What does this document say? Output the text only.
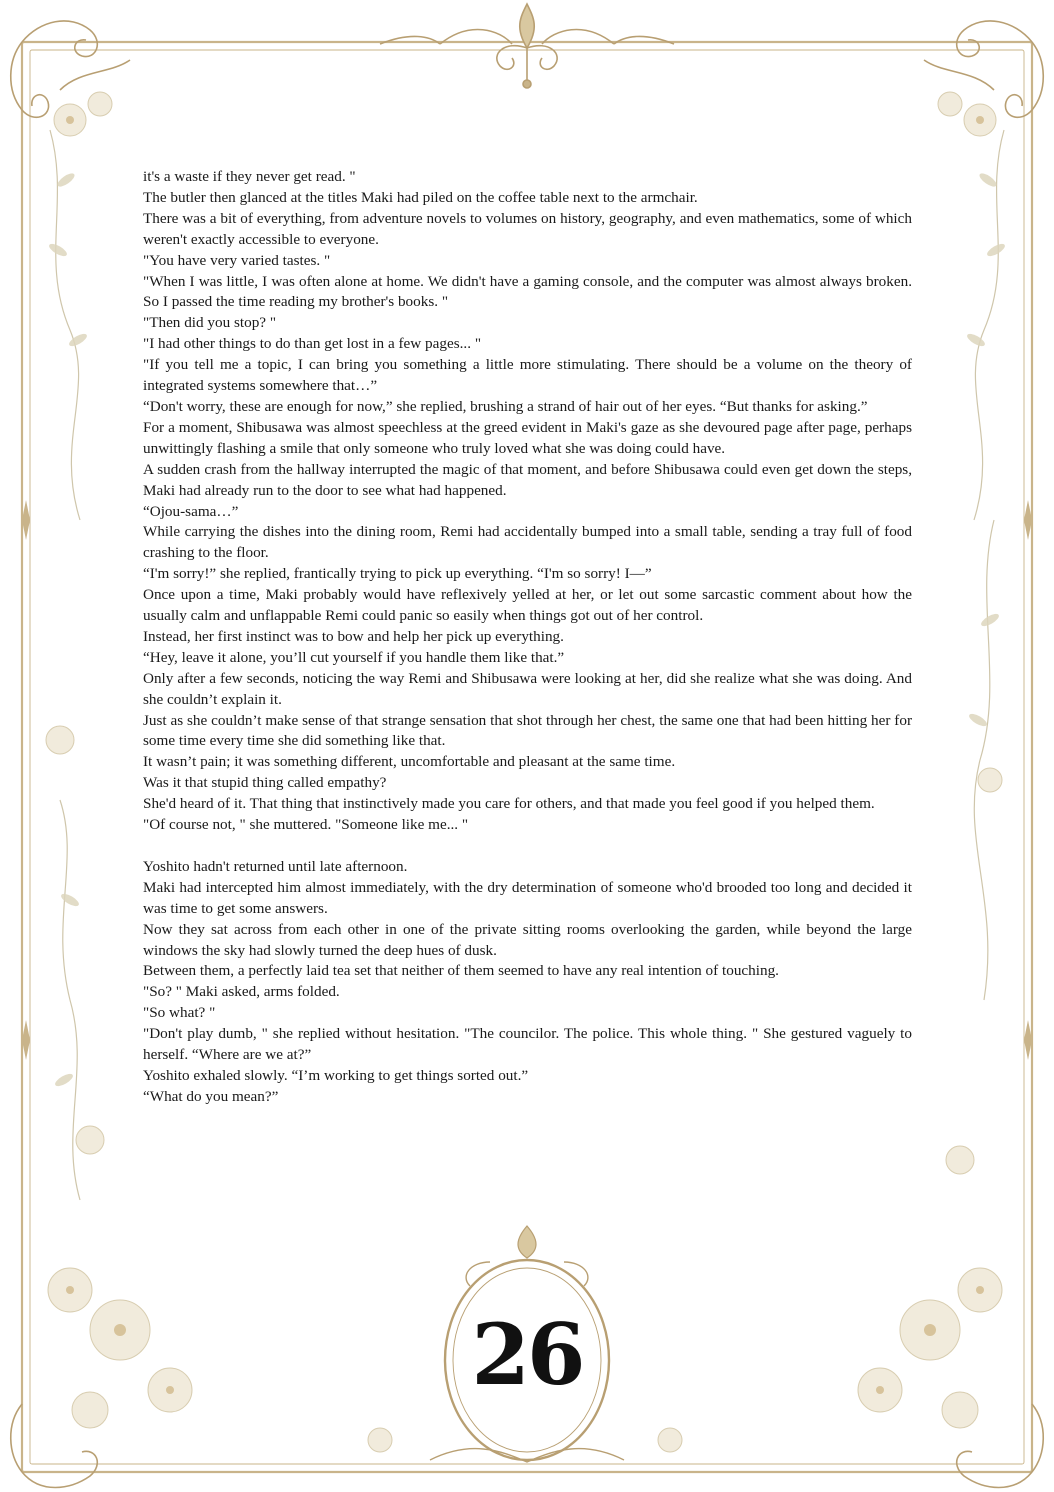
it's a waste if they never get read. "

The butler then glanced at the titles Maki had piled on the coffee table next to the armchair.

There was a bit of everything, from adventure novels to volumes on history, geography, and even mathematics, some of which weren't exactly accessible to everyone.

"You have very varied tastes. "

"When I was little, I was often alone at home. We didn't have a gaming console, and the computer was almost always broken. So I passed the time reading my brother's books. "

"Then did you stop? "

"I had other things to do than get lost in a few pages... "

"If you tell me a topic, I can bring you something a little more stimulating. There should be a volume on the theory of integrated systems somewhere that…”

“Don't worry, these are enough for now,” she replied, brushing a strand of hair out of her eyes. “But thanks for asking.”

For a moment, Shibusawa was almost speechless at the greed evident in Maki's gaze as she devoured page after page, perhaps unwittingly flashing a smile that only someone who truly loved what she was doing could have.

A sudden crash from the hallway interrupted the magic of that moment, and before Shibusawa could even get down the steps, Maki had already run to the door to see what had happened.

“Ojou-sama…”

While carrying the dishes into the dining room, Remi had accidentally bumped into a small table, sending a tray full of food crashing to the floor.

“I'm sorry!” she replied, frantically trying to pick up everything. “I'm so sorry! I—”

Once upon a time, Maki probably would have reflexively yelled at her, or let out some sarcastic comment about how the usually calm and unflappable Remi could panic so easily when things got out of her control.

Instead, her first instinct was to bow and help her pick up everything.

“Hey, leave it alone, you’ll cut yourself if you handle them like that.”

Only after a few seconds, noticing the way Remi and Shibusawa were looking at her, did she realize what she was doing. And she couldn’t explain it.

Just as she couldn’t make sense of that strange sensation that shot through her chest, the same one that had been hitting her for some time every time she did something like that.

It wasn’t pain; it was something different, uncomfortable and pleasant at the same time.

Was it that stupid thing called empathy?

She'd heard of it. That thing that instinctively made you care for others, and that made you feel good if you helped them.

"Of course not, " she muttered. "Someone like me... "

Yoshito hadn't returned until late afternoon.

Maki had intercepted him almost immediately, with the dry determination of someone who'd brooded too long and decided it was time to get some answers.

Now they sat across from each other in one of the private sitting rooms overlooking the garden, while beyond the large windows the sky had slowly turned the deep hues of dusk.

Between them, a perfectly laid tea set that neither of them seemed to have any real intention of touching.

"So? " Maki asked, arms folded.

"So what? "

"Don't play dumb, " she replied without hesitation. "The councilor. The police. This whole thing. " She gestured vaguely to herself. “Where are we at?”

Yoshito exhaled slowly. “I’m working to get things sorted out.”

“What do you mean?”

26
